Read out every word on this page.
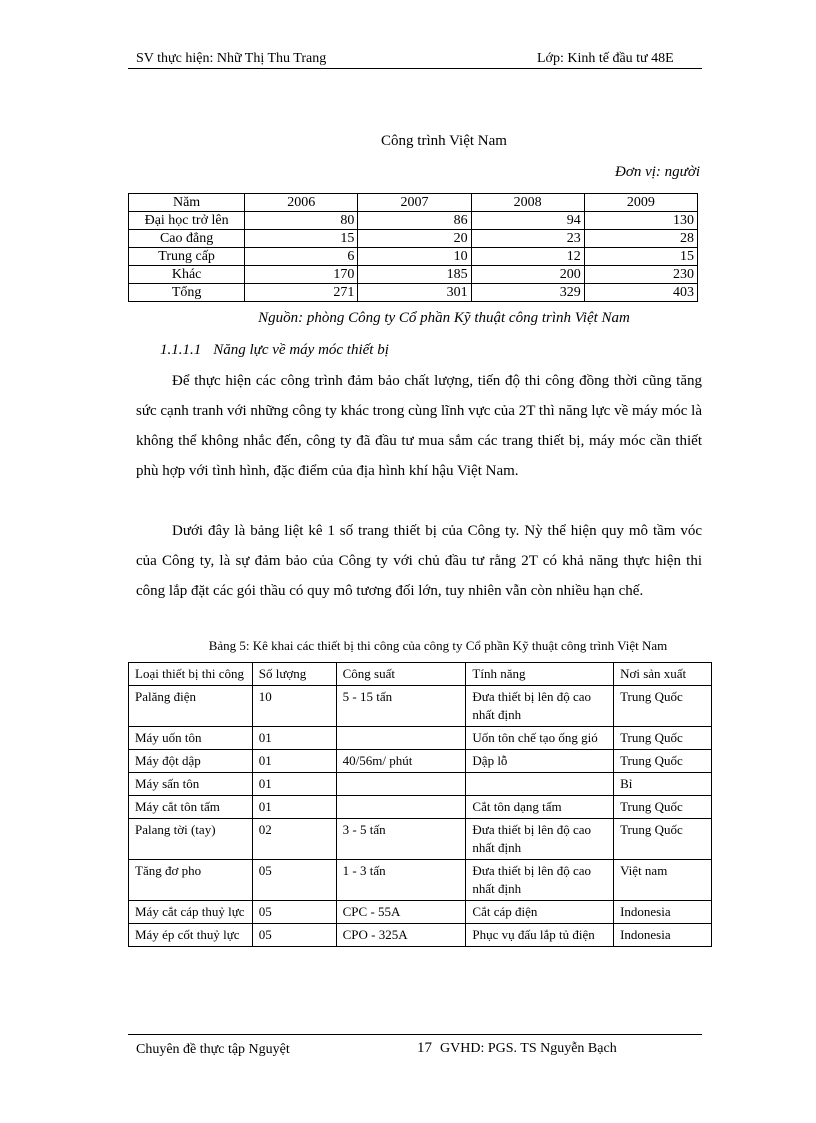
SV thực hiện: Nhữ Thị Thu Trang	Lớp: Kinh tế đầu tư 48E
Công trình Việt Nam
Đơn vị: người
Năm	2006	2007	2008	2009
Đại học trở lên	80	86	94	130
Cao đẳng	15	20	23	28
Trung cấp	6	10	12	15
Khác	170	185	200	230
Tổng	271	301	329	403
Nguồn: phòng Công ty Cổ phần Kỹ thuật công trình Việt Nam
1.1.1.1 Năng lực về máy móc thiết bị
Để thực hiện các công trình đảm bảo chất lượng, tiến độ thi công đồng thời cũng tăng sức cạnh tranh với những công ty khác trong cùng lĩnh vực của 2T thì năng lực về máy móc là không thể không nhắc đến, công ty đã đầu tư mua sắm các trang thiết bị, máy móc cần thiết phù hợp với tình hình, đặc điểm của địa hình khí hậu Việt Nam.
Dưới đây là bảng liệt kê 1 số trang thiết bị của Công ty. Nỳ thể hiện quy mô tầm vóc của Công ty, là sự đảm bảo của Công ty với chủ đầu tư rằng 2T có khả năng thực hiện thi công lắp đặt các gói thầu có quy mô tương đối lớn, tuy nhiên vẫn còn nhiều hạn chế.
Bảng 5: Kê khai các thiết bị thi công của công ty Cổ phần Kỹ thuật công trình Việt Nam
Loại thiết bị thi công	Số lượng	Công suất	Tính năng	Nơi sản xuất
Palăng điện	10	5 - 15 tấn	Đưa thiết bị lên độ cao nhất định	Trung Quốc
Máy uốn tôn	01		Uốn tôn chế tạo ống gió	Trung Quốc
Máy đột dập	01	40/56m/ phút	Dập lỗ	Trung Quốc
Máy sấn tôn	01			Bỉ
Máy cắt tôn tấm	01		Cắt tôn dạng tấm	Trung Quốc
Palang tời (tay)	02	3 - 5 tấn	Đưa thiết bị lên độ cao nhất định	Trung Quốc
Tăng đơ pho	05	1 - 3 tấn	Đưa thiết bị lên độ cao nhất định	Việt nam
Máy cắt cáp thuỷ lực	05	CPC - 55A	Cắt cáp điện	Indonesia
Máy ép cốt thuỷ lực	05	CPO - 325A	Phục vụ đấu lắp tủ điện	Indonesia
Chuyên đề thực tập Nguyệt	17 GVHD: PGS. TS Nguyễn Bạch
